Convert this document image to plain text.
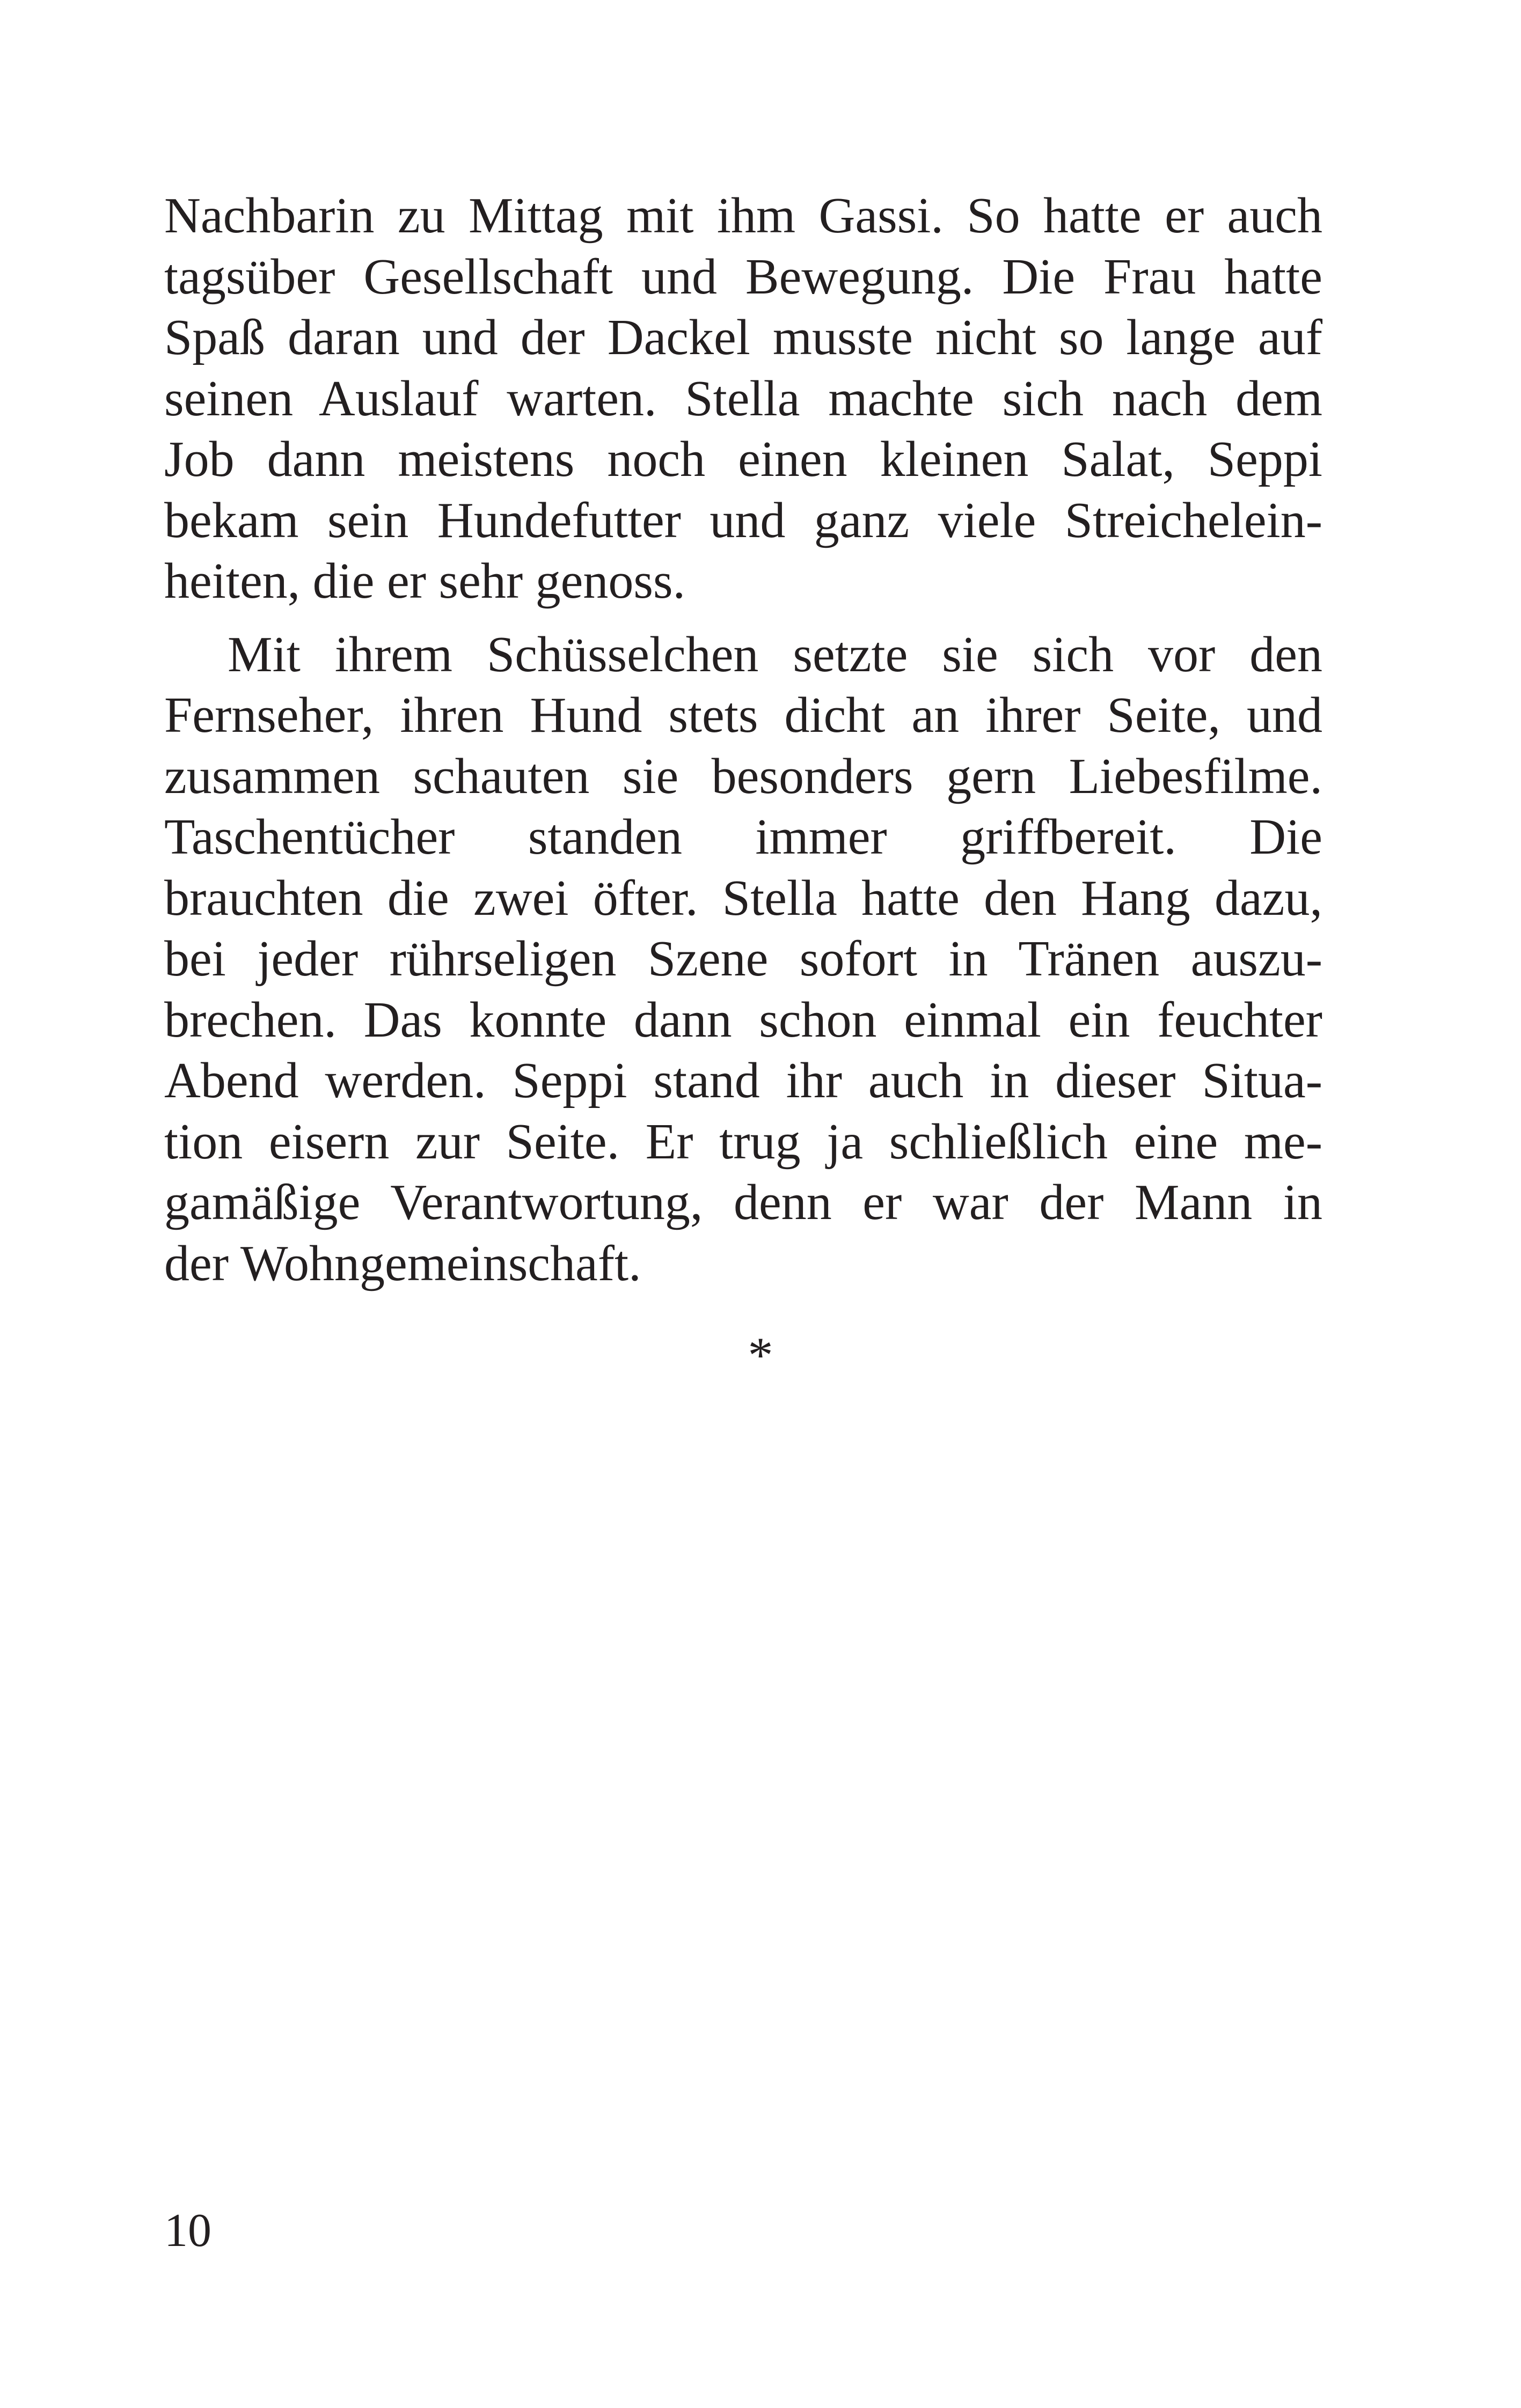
Nachbarin zu Mittag mit ihm Gassi. So hatte er auch
tagsüber Gesellschaft und Bewegung. Die Frau hatte
Spaß daran und der Dackel musste nicht so lange auf
seinen Auslauf warten. Stella machte sich nach dem
Job dann meistens noch einen kleinen Salat, Seppi
bekam sein Hundefutter und ganz viele Streichelein-
heiten, die er sehr genoss.
Mit ihrem Schüsselchen setzte sie sich vor den
Fernseher, ihren Hund stets dicht an ihrer Seite, und
zusammen schauten sie besonders gern Liebesfilme.
Taschentücher standen immer griffbereit. Die
brauchten die zwei öfter. Stella hatte den Hang dazu,
bei jeder rührseligen Szene sofort in Tränen auszu-
brechen. Das konnte dann schon einmal ein feuchter
Abend werden. Seppi stand ihr auch in dieser Situa-
tion eisern zur Seite. Er trug ja schließlich eine me-
gamäßige Verantwortung, denn er war der Mann in
der Wohngemeinschaft.
*
10
